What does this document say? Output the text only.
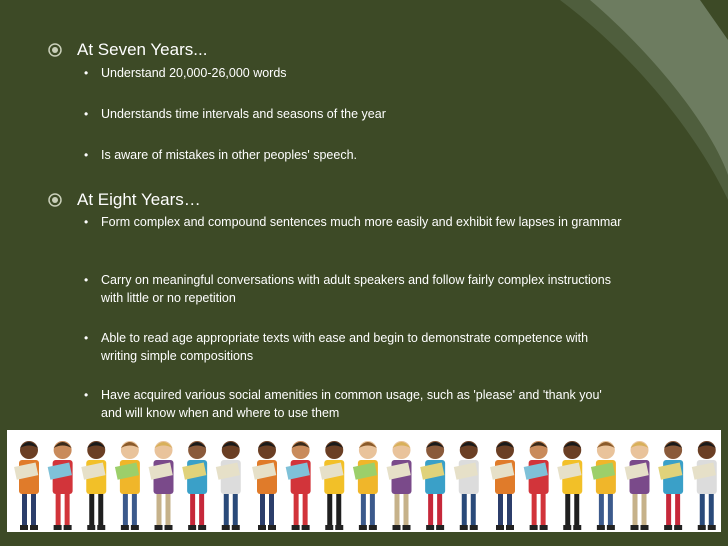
At Seven Years...
• Understand 20,000-26,000 words
• Understands time intervals and seasons of the year
• Is aware of mistakes in other peoples' speech.
At Eight Years…
• Form complex and compound sentences much more easily and exhibit few lapses in grammar
• Carry on meaningful conversations with adult speakers and follow fairly complex instructions with little or no repetition
• Able to read age appropriate texts with ease and begin to demonstrate competence with writing simple compositions
• Have acquired various social amenities in common usage, such as 'please' and 'thank you' and will know when and where to use them
